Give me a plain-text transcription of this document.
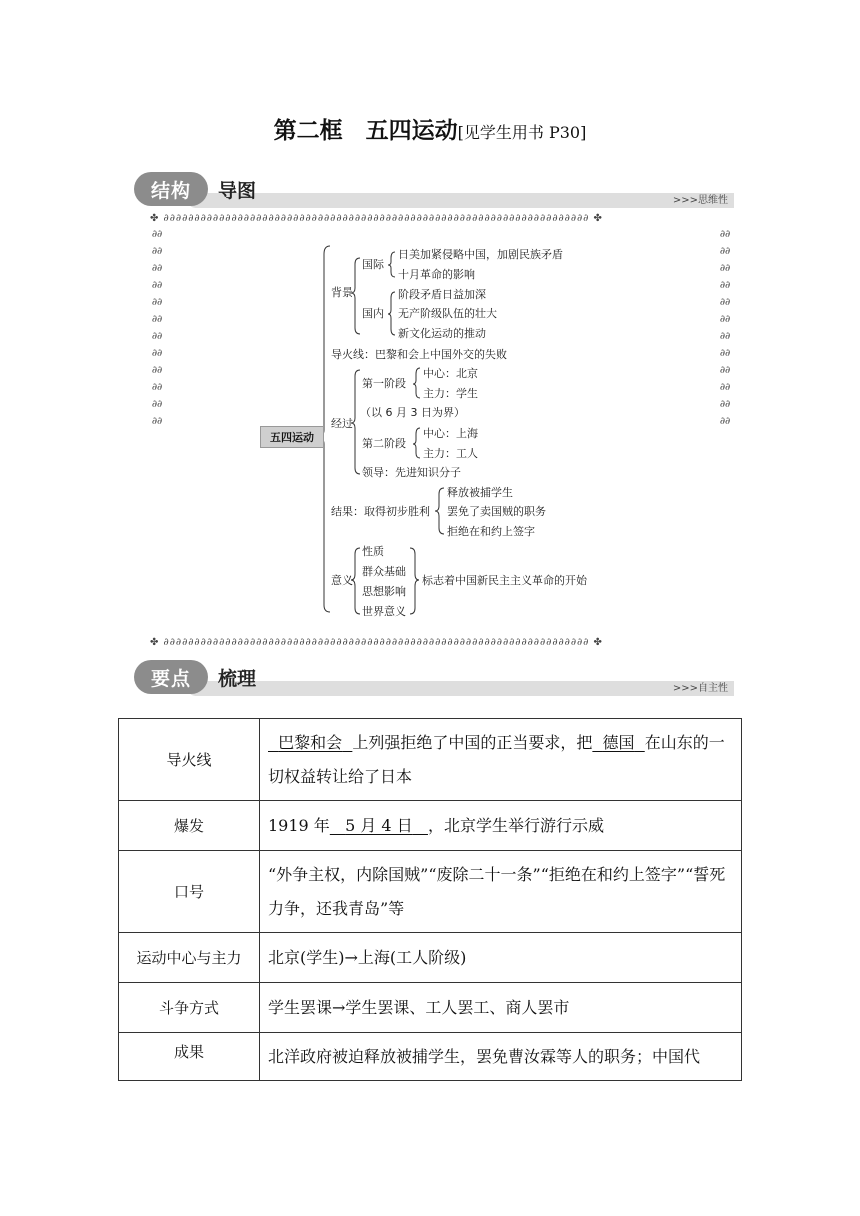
第二框　五四运动[见学生用书 P30]
结构	导图	>>>思维性
✤ ∂∂∂∂∂∂∂∂∂∂∂∂∂∂∂∂∂∂∂∂∂∂∂∂∂∂∂∂∂∂∂∂∂∂∂∂∂∂∂∂∂∂∂∂∂∂∂∂∂∂∂∂∂∂∂∂∂∂∂∂∂∂∂∂∂∂∂∂∂ ✤
✤ ∂∂∂∂∂∂∂∂∂∂∂∂∂∂∂∂∂∂∂∂∂∂∂∂∂∂∂∂∂∂∂∂∂∂∂∂∂∂∂∂∂∂∂∂∂∂∂∂∂∂∂∂∂∂∂∂∂∂∂∂∂∂∂∂∂∂∂∂∂ ✤
∂∂∂∂∂∂∂∂∂∂∂∂∂∂∂∂∂∂∂∂∂∂∂∂
∂∂∂∂∂∂∂∂∂∂∂∂∂∂∂∂∂∂∂∂∂∂∂∂
五四运动
背景
国际
日美加紧侵略中国，加剧民族矛盾
十月革命的影响
国内
阶段矛盾日益加深
无产阶级队伍的壮大
新文化运动的推动
导火线：巴黎和会上中国外交的失败
经过
第一阶段
中心：北京
主力：学生
（以 6 月 3 日为界）
第二阶段
中心：上海
主力：工人
领导：先进知识分子
结果：取得初步胜利
释放被捕学生
罢免了卖国贼的职务
拒绝在和约上签字
意义
性质
群众基础
思想影响
世界意义
标志着中国新民主主义革命的开始
要点	梳理	>>>自主性
导火线	巴黎和会 上列强拒绝了中国的正当要求，把 德国 在山东的一切权益转让给了日本
爆发	1919 年 5 月 4 日 ，北京学生举行游行示威
口号	“外争主权，内除国贼”“废除二十一条”“拒绝在和约上签字”“誓死力争，还我青岛”等
运动中心与主力	北京(学生)→上海(工人阶级)
斗争方式	学生罢课→学生罢课、工人罢工、商人罢市
成果	北洋政府被迫释放被捕学生，罢免曹汝霖等人的职务；中国代
